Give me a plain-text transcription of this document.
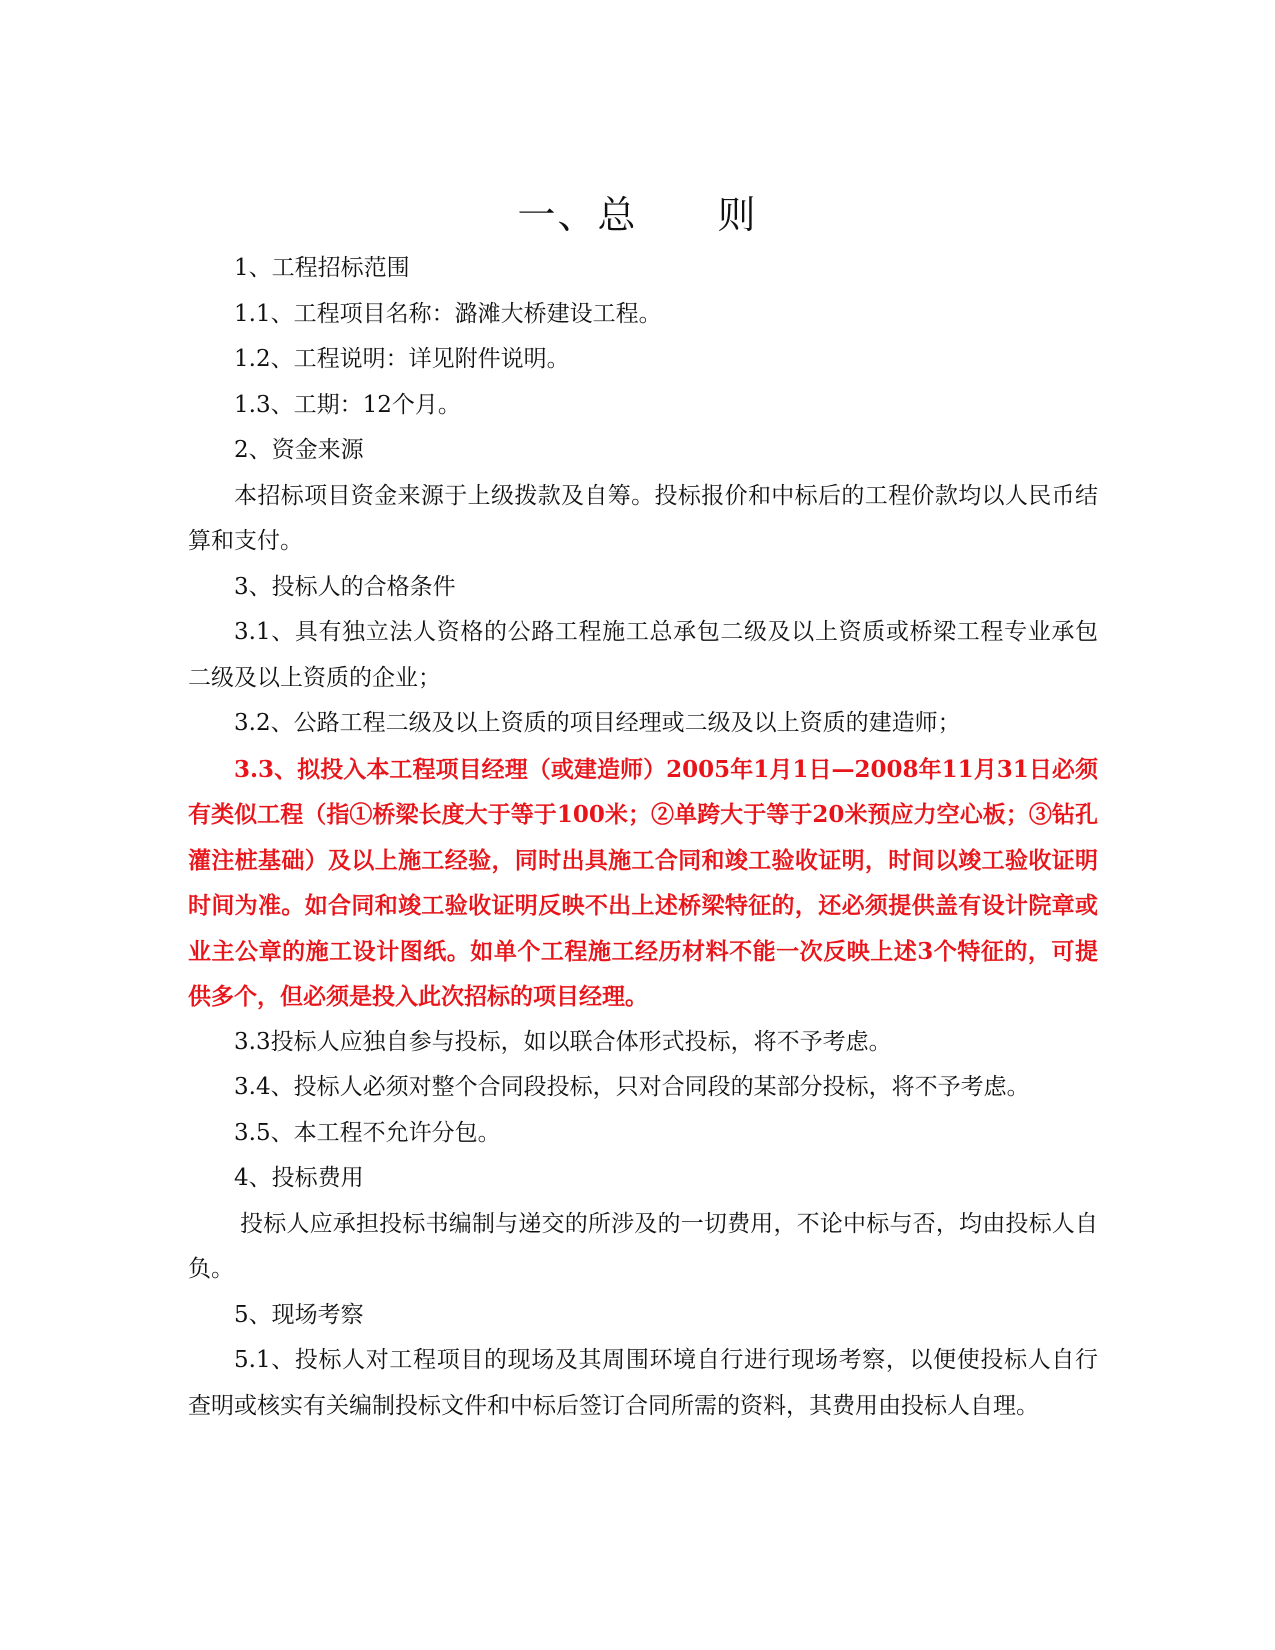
一、总　　则

1、工程招标范围

1.1、工程项目名称：潞滩大桥建设工程。

1.2、工程说明：详见附件说明。

1.3、工期：12个月。

2、资金来源

本招标项目资金来源于上级拨款及自筹。投标报价和中标后的工程价款均以人民币结算和支付。

3、投标人的合格条件

3.1、具有独立法人资格的公路工程施工总承包二级及以上资质或桥梁工程专业承包二级及以上资质的企业；

3.2、公路工程二级及以上资质的项目经理或二级及以上资质的建造师；

3.3、拟投入本工程项目经理（或建造师）2005年1月1日—2008年11月31日必须有类似工程（指①桥梁长度大于等于100米；②单跨大于等于20米预应力空心板；③钻孔灌注桩基础）及以上施工经验，同时出具施工合同和竣工验收证明，时间以竣工验收证明时间为准。如合同和竣工验收证明反映不出上述桥梁特征的，还必须提供盖有设计院章或业主公章的施工设计图纸。如单个工程施工经历材料不能一次反映上述3个特征的，可提供多个，但必须是投入此次招标的项目经理。

3.3投标人应独自参与投标，如以联合体形式投标，将不予考虑。

3.4、投标人必须对整个合同段投标，只对合同段的某部分投标，将不予考虑。

3.5、本工程不允许分包。

4、投标费用

投标人应承担投标书编制与递交的所涉及的一切费用，不论中标与否，均由投标人自负。

5、现场考察

5.1、投标人对工程项目的现场及其周围环境自行进行现场考察，以便使投标人自行查明或核实有关编制投标文件和中标后签订合同所需的资料，其费用由投标人自理。
